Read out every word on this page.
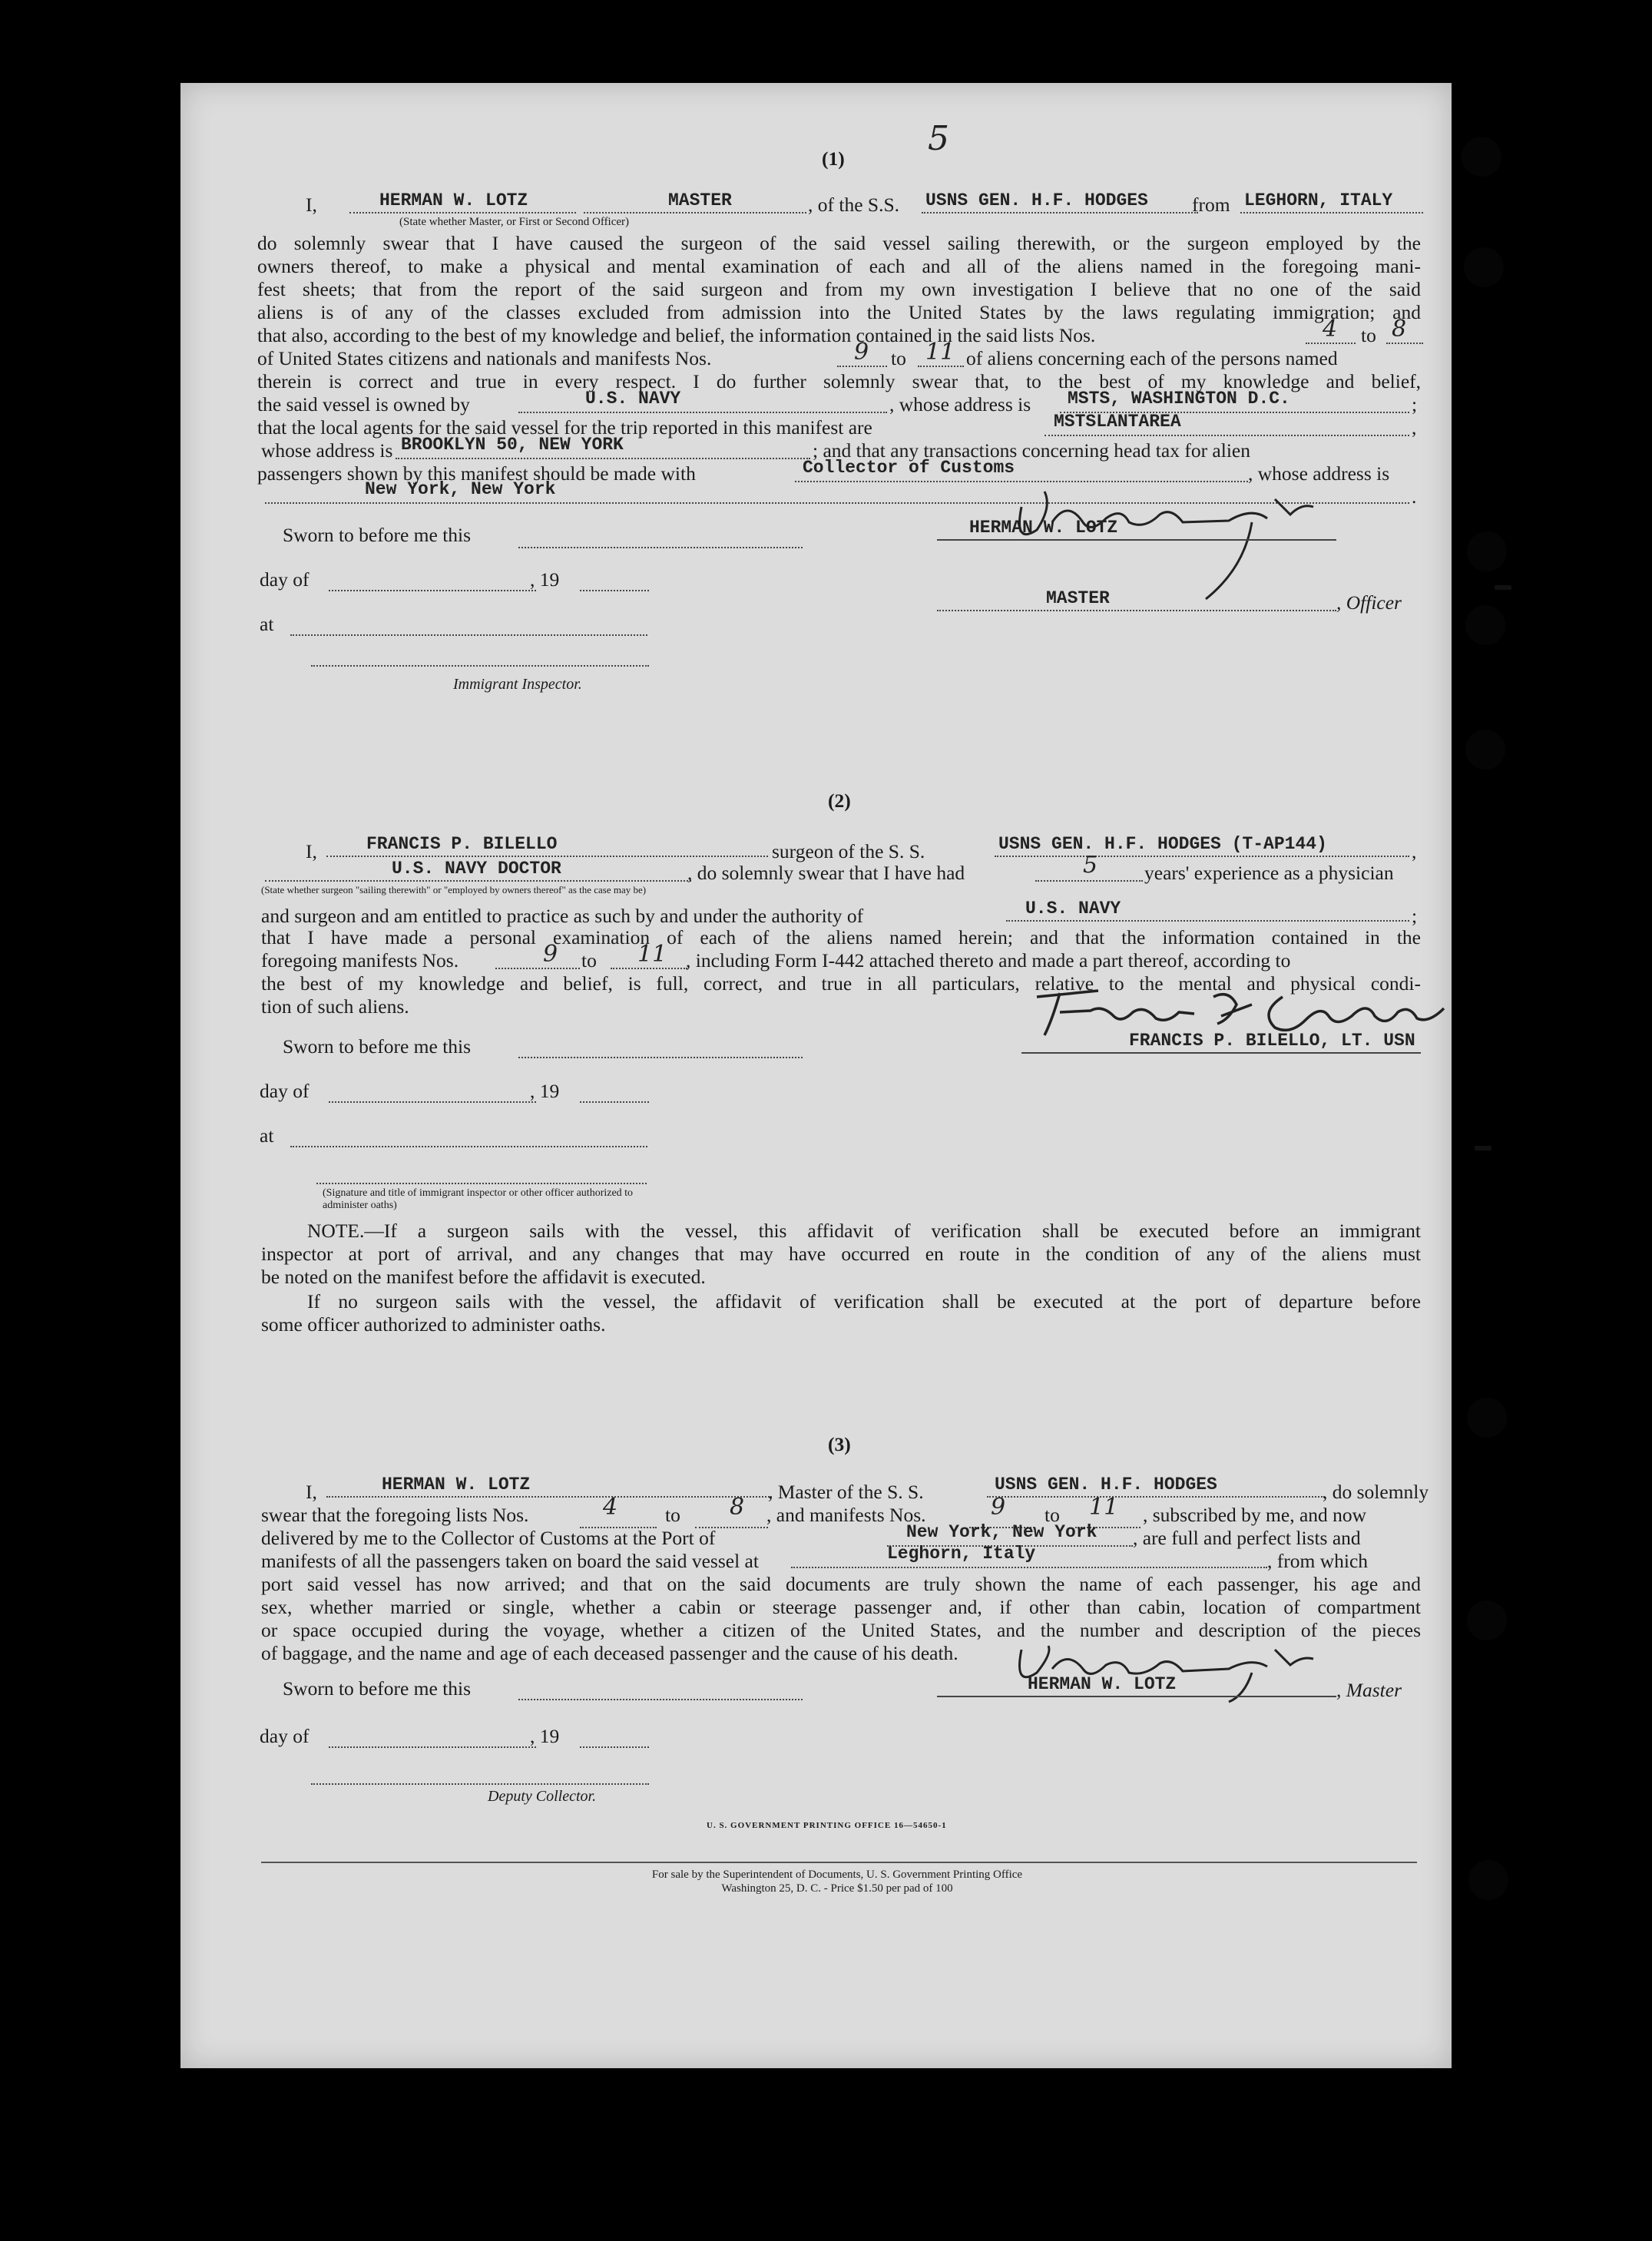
(1)
5
I,	HERMAN W. LOTZ	MASTER	, of the S.S. USNS GEN. H.F. HODGES from LEGHORN, ITALY
(State whether Master, or First or Second Officer)
do solemnly swear that I have caused the surgeon of the said vessel sailing therewith, or the surgeon employed by the
owners thereof, to make a physical and mental examination of each and all of the aliens named in the foregoing mani-
fest sheets; that from the report of the said surgeon and from my own investigation I believe that no one of the said
aliens is of any of the classes excluded from admission into the United States by the laws regulating immigration; and
that also, according to the best of my knowledge and belief, the information contained in the said lists Nos.	4 to 8
of United States citizens and nationals and manifests Nos.	9 to 11 of aliens concerning each of the persons named
therein is correct and true in every respect. I do further solemnly swear that, to the best of my knowledge and belief,
the said vessel is owned by	U.S. NAVY	, whose address is MSTS, WASHINGTON D.C.	;
that the local agents for the said vessel for the trip reported in this manifest are	MSTSLANTAREA	,
whose address is BROOKLYN 50, NEW YORK	; and that any transactions concerning head tax for alien
passengers shown by this manifest should be made with	Collector of Customs	, whose address is
New York, New York	.
HERMAN W. LOTZ
Sworn to before me this
day of	, 19
MASTER	, Officer
at
Immigrant Inspector.
(2)
I,	FRANCIS P. BILELLO	surgeon of the S. S.	USNS GEN. H.F. HODGES (T-AP144)	,
U.S. NAVY DOCTOR	, do solemnly swear that I have had	5 years' experience as a physician
(State whether surgeon "sailing therewith" or "employed by owners thereof" as the case may be)
and surgeon and am entitled to practice as such by and under the authority of	U.S. NAVY	;
that I have made a personal examination of each of the aliens named herein; and that the information contained in the
foregoing manifests Nos.	9 to 11 , including Form I-442 attached thereto and made a part thereof, according to
the best of my knowledge and belief, is full, correct, and true in all particulars, relative to the mental and physical condi-
tion of such aliens.
FRANCIS P. BILELLO, LT. USN
Sworn to before me this
day of	, 19
at
(Signature and title of immigrant inspector or other officer authorized to administer oaths)
NOTE.—If a surgeon sails with the vessel, this affidavit of verification shall be executed before an immigrant
inspector at port of arrival, and any changes that may have occurred en route in the condition of any of the aliens must
be noted on the manifest before the affidavit is executed.
If no surgeon sails with the vessel, the affidavit of verification shall be executed at the port of departure before
some officer authorized to administer oaths.
(3)
I,	HERMAN W. LOTZ	, Master of the S. S.	USNS GEN. H.F. HODGES	, do solemnly
swear that the foregoing lists Nos.	4 to 8 , and manifests Nos.	9 to 11 , subscribed by me, and now
delivered by me to the Collector of Customs at the Port of	New York, New York , are full and perfect lists and
manifests of all the passengers taken on board the said vessel at	Leghorn, Italy	, from which
port said vessel has now arrived; and that on the said documents are truly shown the name of each passenger, his age and
sex, whether married or single, whether a cabin or steerage passenger and, if other than cabin, location of compartment
or space occupied during the voyage, whether a citizen of the United States, and the number and description of the pieces
of baggage, and the name and age of each deceased passenger and the cause of his death.
HERMAN W. LOTZ	, Master
Sworn to before me this
day of	, 19
Deputy Collector.
U. S. GOVERNMENT PRINTING OFFICE 16—54650-1
For sale by the Superintendent of Documents, U. S. Government Printing Office
Washington 25, D. C. - Price $1.50 per pad of 100
